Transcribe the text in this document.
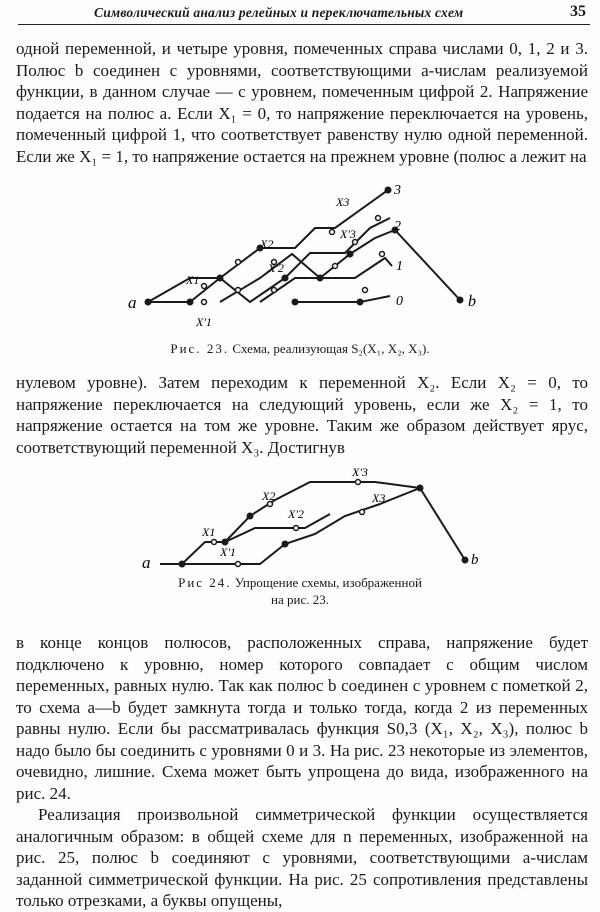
Символический анализ релейных и переключательных схем	35

одной переменной, и четыре уровня, помеченных справа числами 0, 1, 2 и 3. Полюс b соединен с уровнями, соответствующими a-числам реализуемой функции, в данном случае — с уровнем, помеченным цифрой 2. Напряжение подается на полюс a. Если X₁ = 0, то напряжение переключается на уровень, помеченный цифрой 1, что соответствует равенству нулю одной переменной. Если же X₁ = 1, то напряжение остается на прежнем уровне (полюс a лежит на

a	b
3
2
1
0
X1
X'1
X2
X'2
X3
X'3
Рис. 23. Схема, реализующая S₂(X₁, X₂, X₃).

нулевом уровне). Затем переходим к переменной X₂. Если X₂ = 0, то напряжение переключается на следующий уровень, если же X₂ = 1, то напряжение остается на том же уровне. Таким же образом действует ярус, соответствующий переменной X₃. Достигнув

a	b
X1
X'1
X2
X'2
X3
X'3
Рис 24. Упрощение схемы, изображенной
на рис. 23.

в конце концов полюсов, расположенных справа, напряжение будет подключено к уровню, номер которого совпадает с общим числом переменных, равных нулю. Так как полюс b соединен с уровнем с пометкой 2, то схема a—b будет замкнута тогда и только тогда, когда 2 из переменных равны нулю. Если бы рассматривалась функция S0,3 (X₁, X₂, X₃), полюс b надо было бы соединить с уровнями 0 и 3. На рис. 23 некоторые из элементов, очевидно, лишние. Схема может быть упрощена до вида, изображенного на рис. 24.

Реализация произвольной симметрической функции осуществляется аналогичным образом: в общей схеме для n переменных, изображенной на рис. 25, полюс b соединяют с уровнями, соответствующими a-числам заданной симметрической функции. На рис. 25 сопротивления представлены только отрезками, а буквы опущены,
